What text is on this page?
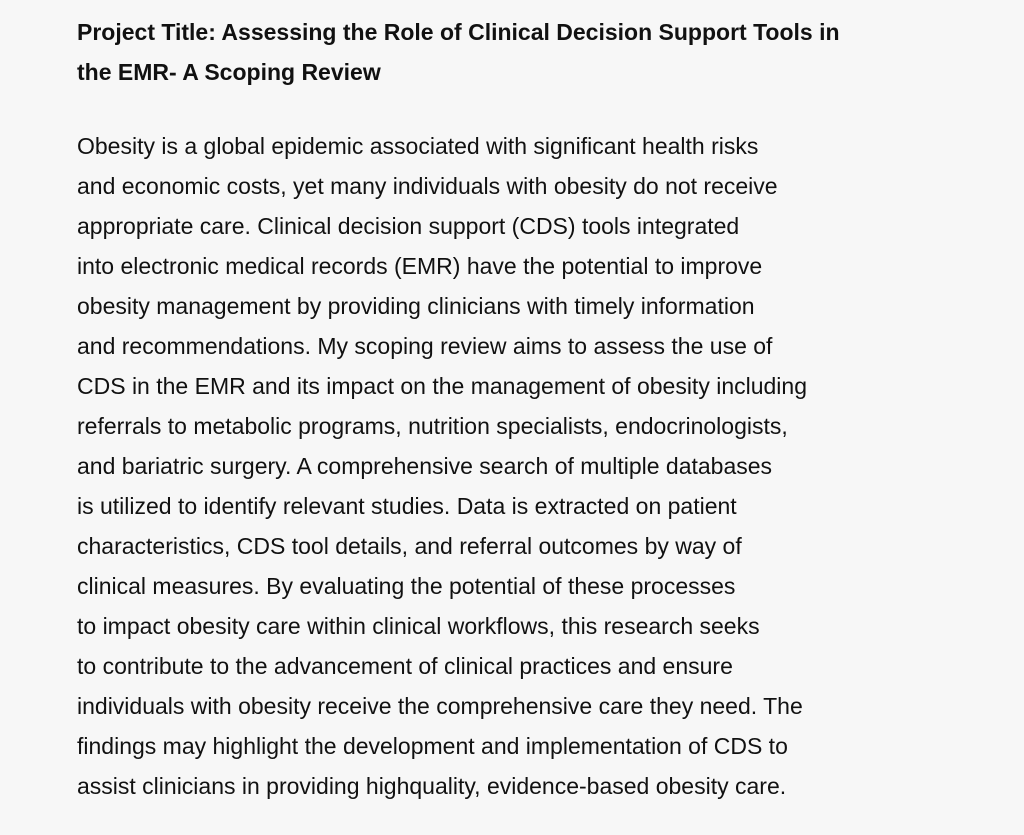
Project Title: Assessing the Role of Clinical Decision Support Tools in
the EMR- A Scoping Review

Obesity is a global epidemic associated with significant health risks
and economic costs, yet many individuals with obesity do not receive
appropriate care. Clinical decision support (CDS) tools integrated
into electronic medical records (EMR) have the potential to improve
obesity management by providing clinicians with timely information
and recommendations. My scoping review aims to assess the use of
CDS in the EMR and its impact on the management of obesity including
referrals to metabolic programs, nutrition specialists, endocrinologists,
and bariatric surgery. A comprehensive search of multiple databases
is utilized to identify relevant studies. Data is extracted on patient
characteristics, CDS tool details, and referral outcomes by way of
clinical measures. By evaluating the potential of these processes
to impact obesity care within clinical workflows, this research seeks
to contribute to the advancement of clinical practices and ensure
individuals with obesity receive the comprehensive care they need. The
findings may highlight the development and implementation of CDS to
assist clinicians in providing highquality, evidence-based obesity care.
